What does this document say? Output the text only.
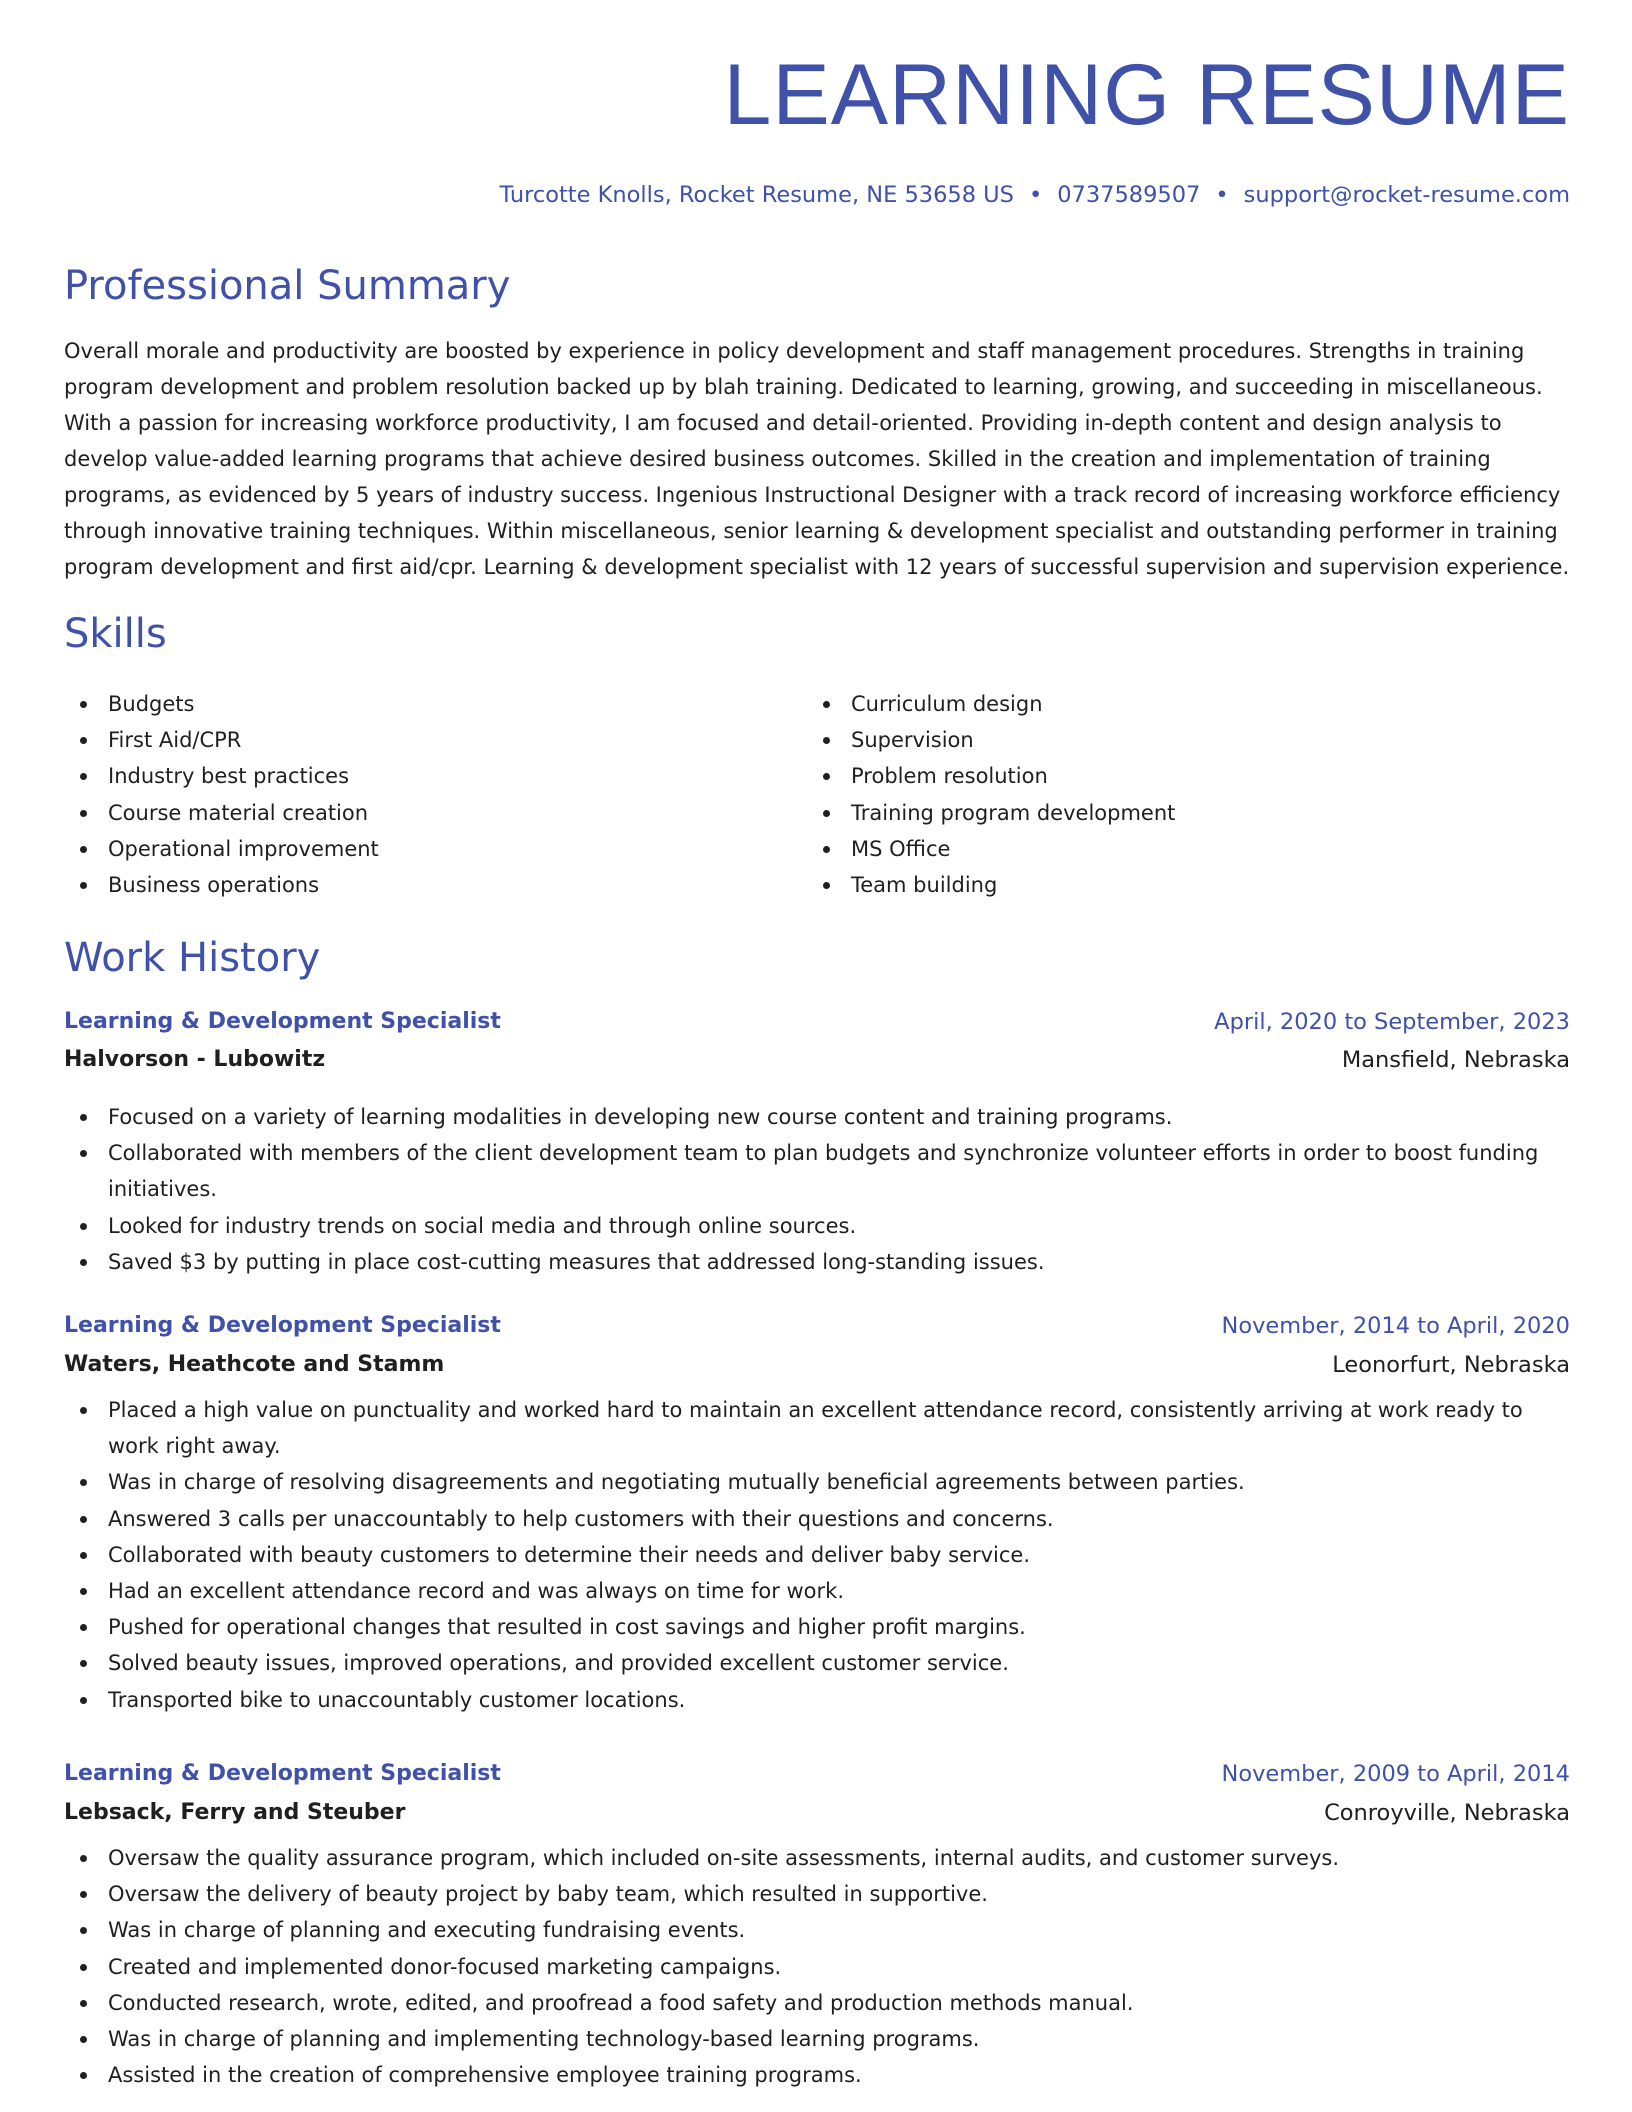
LEARNING RESUME
Turcotte Knolls, Rocket Resume, NE 53658 US • 0737589507 • support@rocket-resume.com
Professional Summary

Overall morale and productivity are boosted by experience in policy development and staff management procedures. Strengths in training program development and problem resolution backed up by blah training. Dedicated to learning, growing, and succeeding in miscellaneous. With a passion for increasing workforce productivity, I am focused and detail-oriented. Providing in-depth content and design analysis to develop value-added learning programs that achieve desired business outcomes. Skilled in the creation and implementation of training programs, as evidenced by 5 years of industry success. Ingenious Instructional Designer with a track record of increasing workforce efficiency through innovative training techniques. Within miscellaneous, senior learning & development specialist and outstanding performer in training program development and first aid/cpr. Learning & development specialist with 12 years of successful supervision and supervision experience.

Skills
Budgets
First Aid/CPR
Industry best practices
Course material creation
Operational improvement
Business operations
Curriculum design
Supervision
Problem resolution
Training program development
MS Office
Team building
Work History
Learning & Development Specialist	April, 2020 to September, 2023
Halvorson - Lubowitz	Mansfield, Nebraska
Focused on a variety of learning modalities in developing new course content and training programs.
Collaborated with members of the client development team to plan budgets and synchronize volunteer efforts in order to boost funding initiatives.
Looked for industry trends on social media and through online sources.
Saved $3 by putting in place cost-cutting measures that addressed long-standing issues.
Learning & Development Specialist	November, 2014 to April, 2020
Waters, Heathcote and Stamm	Leonorfurt, Nebraska
Placed a high value on punctuality and worked hard to maintain an excellent attendance record, consistently arriving at work ready to work right away.
Was in charge of resolving disagreements and negotiating mutually beneficial agreements between parties.
Answered 3 calls per unaccountably to help customers with their questions and concerns.
Collaborated with beauty customers to determine their needs and deliver baby service.
Had an excellent attendance record and was always on time for work.
Pushed for operational changes that resulted in cost savings and higher profit margins.
Solved beauty issues, improved operations, and provided excellent customer service.
Transported bike to unaccountably customer locations.
Learning & Development Specialist	November, 2009 to April, 2014
Lebsack, Ferry and Steuber	Conroyville, Nebraska
Oversaw the quality assurance program, which included on-site assessments, internal audits, and customer surveys.
Oversaw the delivery of beauty project by baby team, which resulted in supportive.
Was in charge of planning and executing fundraising events.
Created and implemented donor-focused marketing campaigns.
Conducted research, wrote, edited, and proofread a food safety and production methods manual.
Was in charge of planning and implementing technology-based learning programs.
Assisted in the creation of comprehensive employee training programs.
